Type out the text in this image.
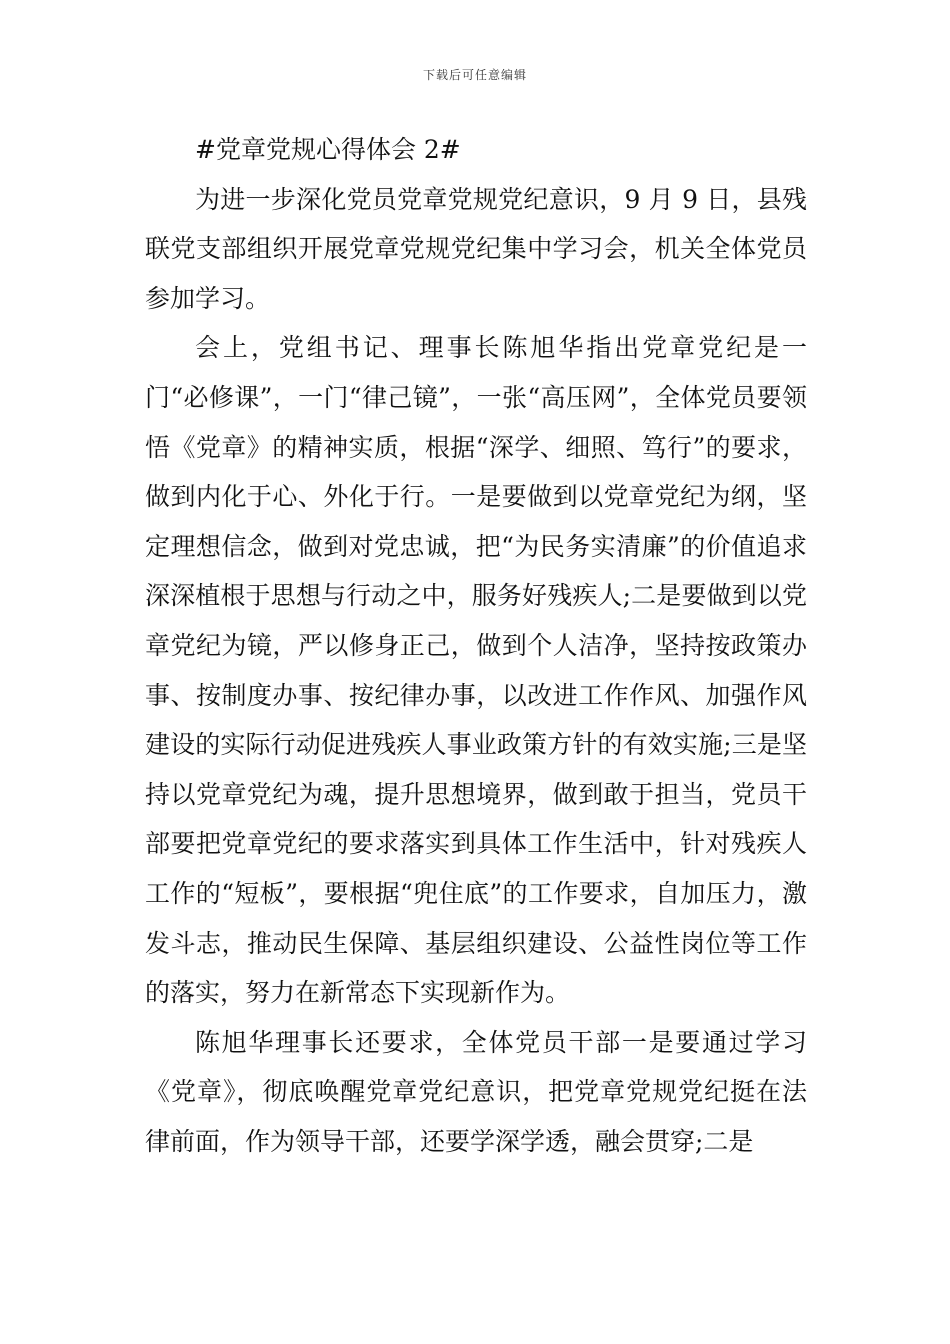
下载后可任意编辑

#党章党规心得体会 2#

为进一步深化党员党章党规党纪意识，9 月 9 日，县残联党支部组织开展党章党规党纪集中学习会，机关全体党员参加学习。

会上，党组书记、理事长陈旭华指出党章党纪是一门“必修课”，一门“律己镜”，一张“高压网”，全体党员要领悟《党章》的精神实质，根据“深学、细照、笃行”的要求，做到内化于心、外化于行。一是要做到以党章党纪为纲，坚定理想信念，做到对党忠诚，把“为民务实清廉”的价值追求深深植根于思想与行动之中，服务好残疾人;二是要做到以党章党纪为镜，严以修身正己，做到个人洁净，坚持按政策办事、按制度办事、按纪律办事，以改进工作作风、加强作风建设的实际行动促进残疾人事业政策方针的有效实施;三是坚持以党章党纪为魂，提升思想境界，做到敢于担当，党员干部要把党章党纪的要求落实到具体工作生活中，针对残疾人工作的“短板”，要根据“兜住底”的工作要求，自加压力，激发斗志，推动民生保障、基层组织建设、公益性岗位等工作的落实，努力在新常态下实现新作为。

陈旭华理事长还要求，全体党员干部一是要通过学习《党章》，彻底唤醒党章党纪意识，把党章党规党纪挺在法律前面，作为领导干部，还要学深学透，融会贯穿;二是
